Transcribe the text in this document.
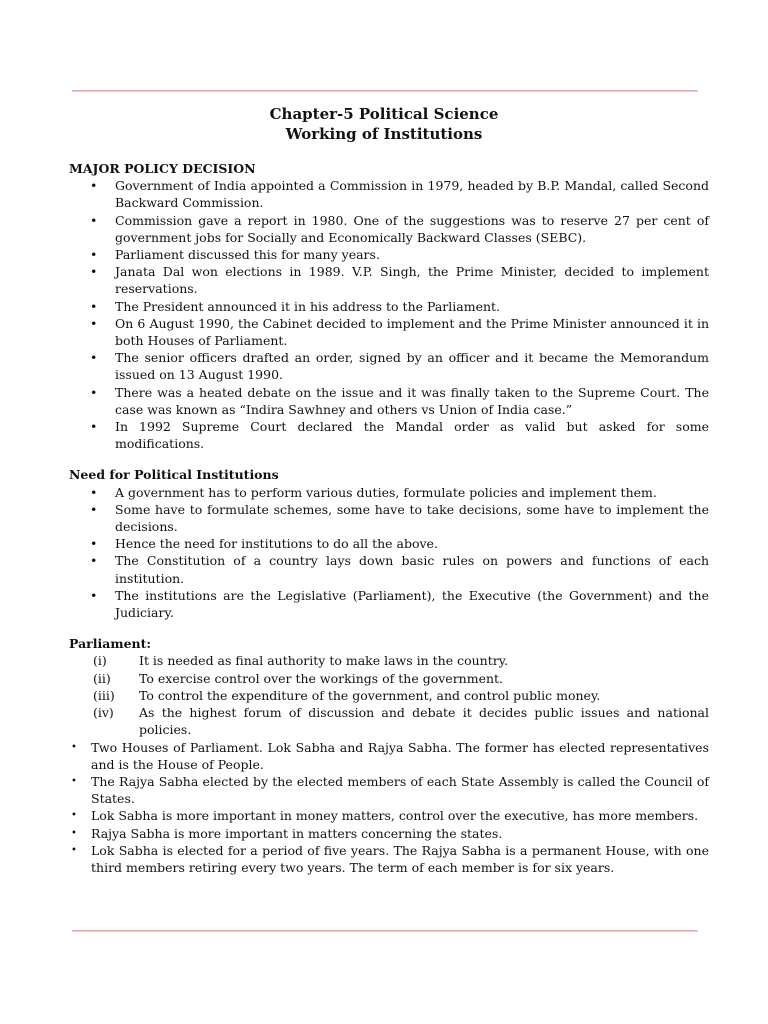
Chapter-5 Political Science
Working of Institutions

MAJOR POLICY DECISION

• Government of India appointed a Commission in 1979, headed by B.P. Mandal, called Second Backward Commission.
• Commission gave a report in 1980. One of the suggestions was to reserve 27 per cent of government jobs for Socially and Economically Backward Classes (SEBC).
• Parliament discussed this for many years.
• Janata Dal won elections in 1989. V.P. Singh, the Prime Minister, decided to implement reservations.
• The President announced it in his address to the Parliament.
• On 6 August 1990, the Cabinet decided to implement and the Prime Minister announced it in both Houses of Parliament.
• The senior officers drafted an order, signed by an officer and it became the Memorandum issued on 13 August 1990.
• There was a heated debate on the issue and it was finally taken to the Supreme Court. The case was known as “Indira Sawhney and others vs Union of India case.”
• In 1992 Supreme Court declared the Mandal order as valid but asked for some modifications.

Need for Political Institutions

• A government has to perform various duties, formulate policies and implement them.
• Some have to formulate schemes, some have to take decisions, some have to implement the decisions.
• Hence the need for institutions to do all the above.
• The Constitution of a country lays down basic rules on powers and functions of each institution.
• The institutions are the Legislative (Parliament), the Executive (the Government) and the Judiciary.

Parliament:

(i)	It is needed as final authority to make laws in the country.
(ii) To exercise control over the workings of the government.
(iii) To control the expenditure of the government, and control public money.
(iv) As the highest forum of discussion and debate it decides public issues and national policies.
• Two Houses of Parliament. Lok Sabha and Rajya Sabha. The former has elected representatives and is the House of People.
• The Rajya Sabha elected by the elected members of each State Assembly is called the Council of States.
• Lok Sabha is more important in money matters, control over the executive, has more members.
• Rajya Sabha is more important in matters concerning the states.
• Lok Sabha is elected for a period of five years. The Rajya Sabha is a permanent House, with one third members retiring every two years. The term of each member is for six years.
